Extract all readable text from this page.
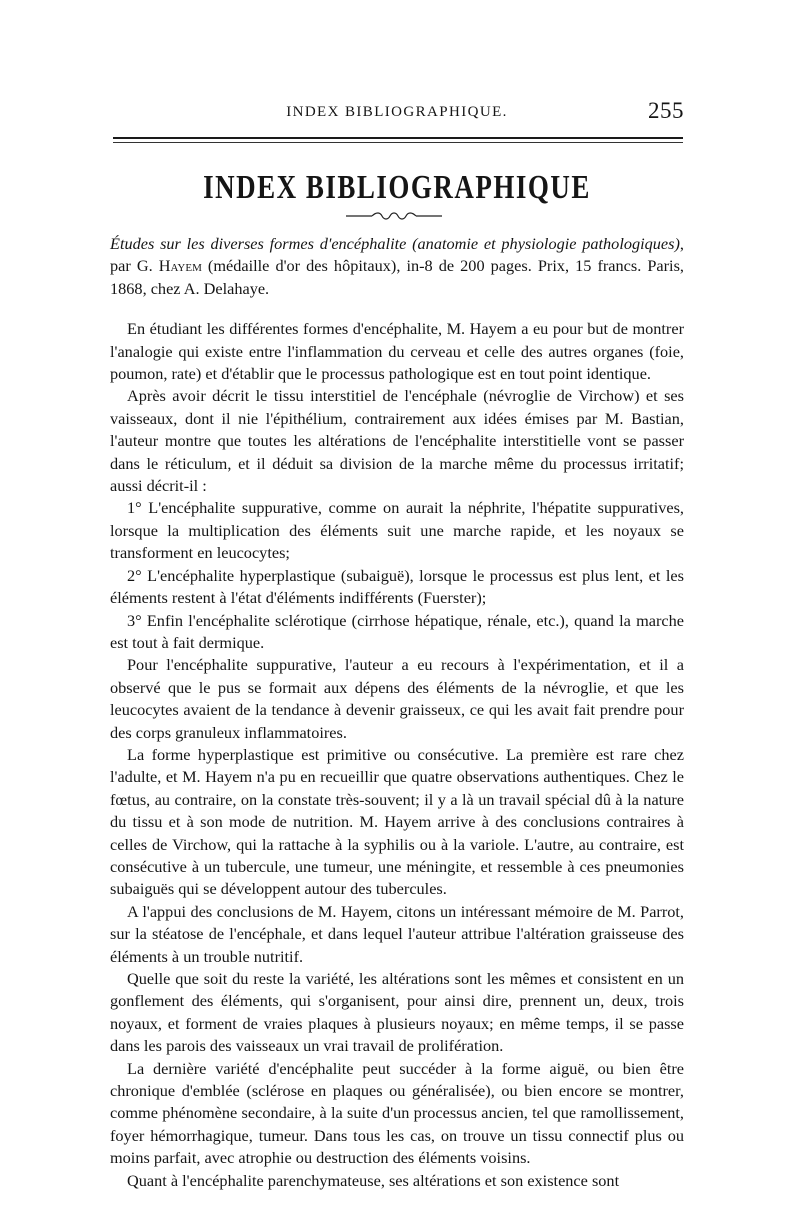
INDEX BIBLIOGRAPHIQUE.	255
INDEX BIBLIOGRAPHIQUE

Études sur les diverses formes d'encéphalite (anatomie et physiologie pathologiques), par G. Hayem (médaille d'or des hôpitaux), in-8 de 200 pages. Prix, 15 francs. Paris, 1868, chez A. Delahaye.

En étudiant les différentes formes d'encéphalite, M. Hayem a eu pour but de montrer l'analogie qui existe entre l'inflammation du cerveau et celle des autres organes (foie, poumon, rate) et d'établir que le processus pathologique est en tout point identique.

Après avoir décrit le tissu interstitiel de l'encéphale (névroglie de Virchow) et ses vaisseaux, dont il nie l'épithélium, contrairement aux idées émises par M. Bastian, l'auteur montre que toutes les altérations de l'encéphalite interstitielle vont se passer dans le réticulum, et il déduit sa division de la marche même du processus irritatif; aussi décrit-il :

1° L'encéphalite suppurative, comme on aurait la néphrite, l'hépatite suppuratives, lorsque la multiplication des éléments suit une marche rapide, et les noyaux se transforment en leucocytes;

2° L'encéphalite hyperplastique (subaiguë), lorsque le processus est plus lent, et les éléments restent à l'état d'éléments indifférents (Fuerster);

3° Enfin l'encéphalite sclérotique (cirrhose hépatique, rénale, etc.), quand la marche est tout à fait dermique.

Pour l'encéphalite suppurative, l'auteur a eu recours à l'expérimentation, et il a observé que le pus se formait aux dépens des éléments de la névroglie, et que les leucocytes avaient de la tendance à devenir graisseux, ce qui les avait fait prendre pour des corps granuleux inflammatoires.

La forme hyperplastique est primitive ou consécutive. La première est rare chez l'adulte, et M. Hayem n'a pu en recueillir que quatre observations authentiques. Chez le fœtus, au contraire, on la constate très-souvent; il y a là un travail spécial dû à la nature du tissu et à son mode de nutrition. M. Hayem arrive à des conclusions contraires à celles de Virchow, qui la rattache à la syphilis ou à la variole. L'autre, au contraire, est consécutive à un tubercule, une tumeur, une méningite, et ressemble à ces pneumonies subaiguës qui se développent autour des tubercules.

A l'appui des conclusions de M. Hayem, citons un intéressant mémoire de M. Parrot, sur la stéatose de l'encéphale, et dans lequel l'auteur attribue l'altération graisseuse des éléments à un trouble nutritif.

Quelle que soit du reste la variété, les altérations sont les mêmes et consistent en un gonflement des éléments, qui s'organisent, pour ainsi dire, prennent un, deux, trois noyaux, et forment de vraies plaques à plusieurs noyaux; en même temps, il se passe dans les parois des vaisseaux un vrai travail de prolifération.

La dernière variété d'encéphalite peut succéder à la forme aiguë, ou bien être chronique d'emblée (sclérose en plaques ou généralisée), ou bien encore se montrer, comme phénomène secondaire, à la suite d'un processus ancien, tel que ramollissement, foyer hémorrhagique, tumeur. Dans tous les cas, on trouve un tissu connectif plus ou moins parfait, avec atrophie ou destruction des éléments voisins.

Quant à l'encéphalite parenchymateuse, ses altérations et son existence sont
